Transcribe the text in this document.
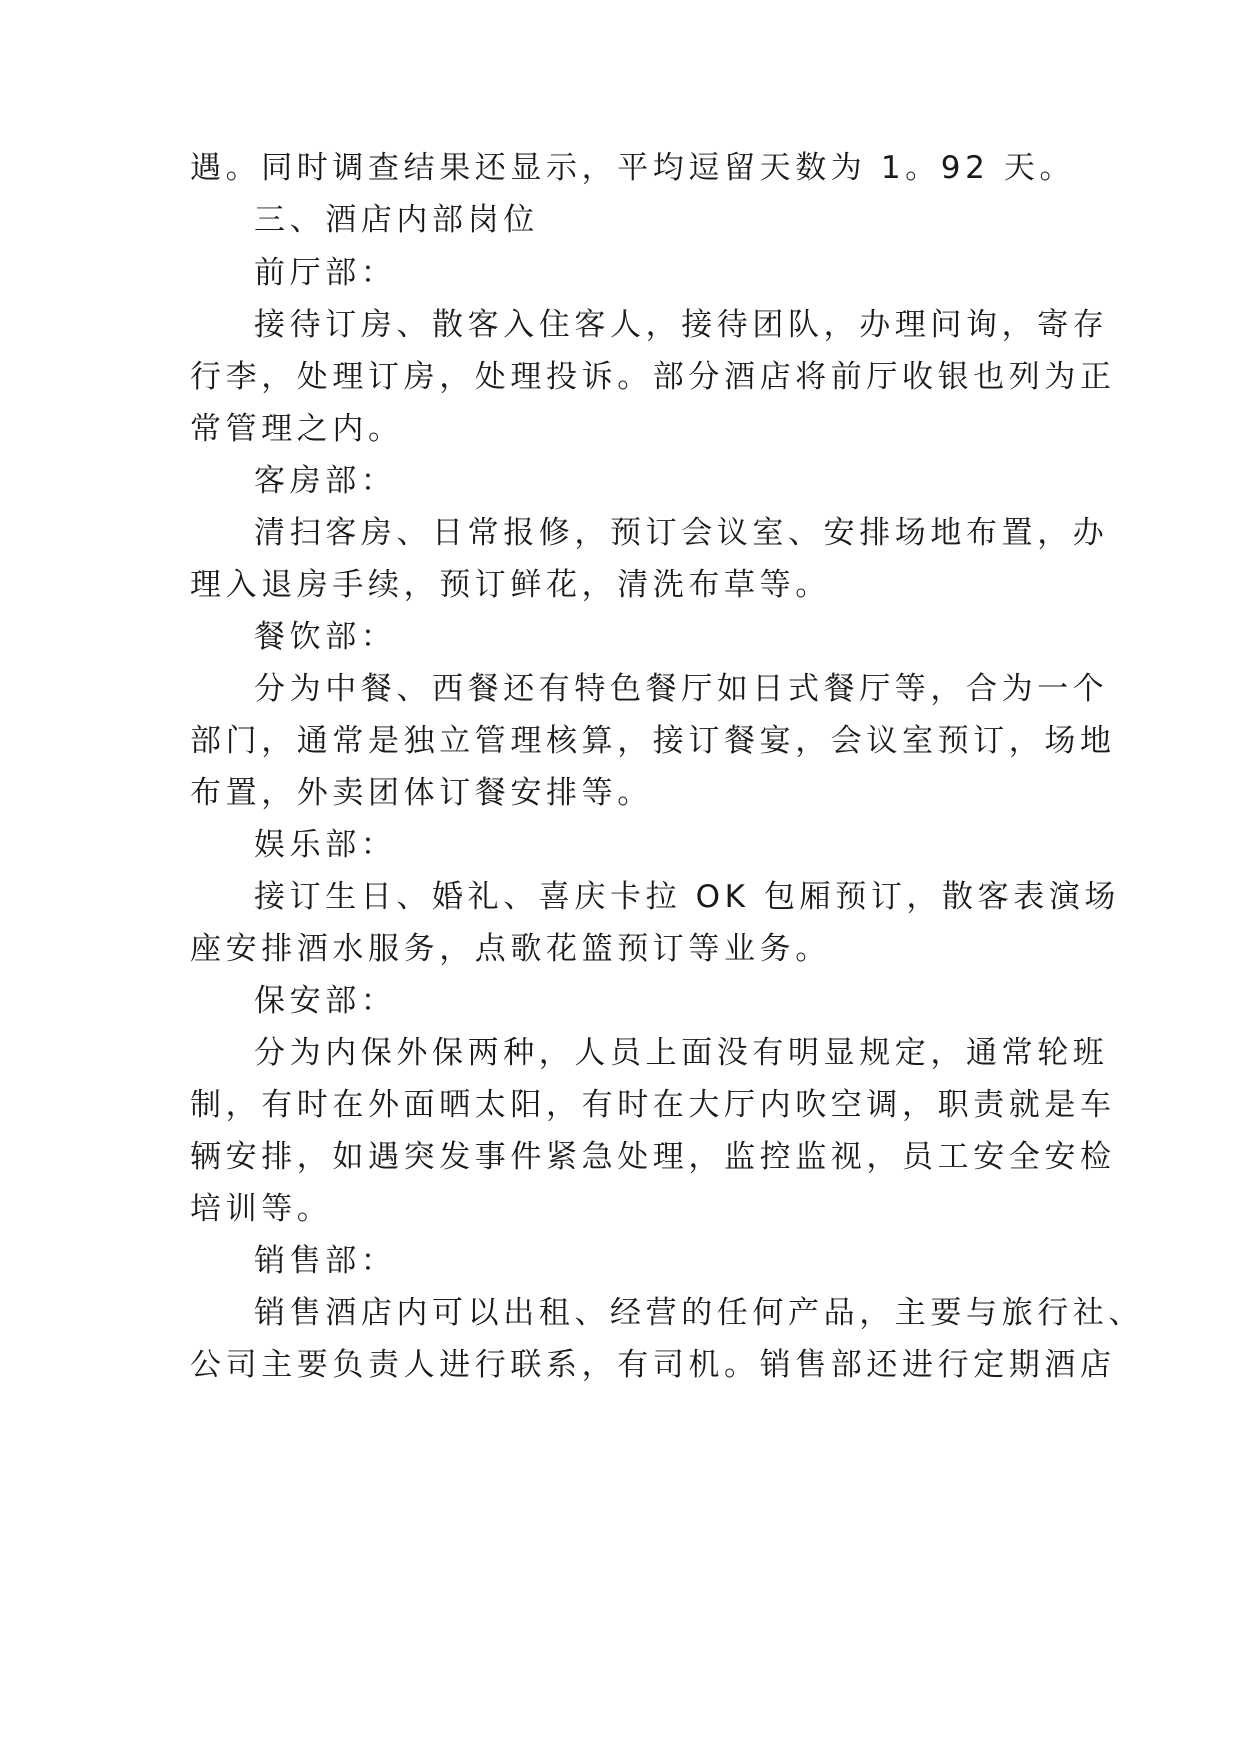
遇。同时调查结果还显示，平均逗留天数为 1。92 天。
三、酒店内部岗位
前厅部：
接待订房、散客入住客人，接待团队，办理问询，寄存
行李，处理订房，处理投诉。部分酒店将前厅收银也列为正
常管理之内。
客房部：
清扫客房、日常报修，预订会议室、安排场地布置，办
理入退房手续，预订鲜花，清洗布草等。
餐饮部：
分为中餐、西餐还有特色餐厅如日式餐厅等，合为一个
部门，通常是独立管理核算，接订餐宴，会议室预订，场地
布置，外卖团体订餐安排等。
娱乐部：
接订生日、婚礼、喜庆卡拉 OK 包厢预订，散客表演场
座安排酒水服务，点歌花篮预订等业务。
保安部：
分为内保外保两种，人员上面没有明显规定，通常轮班
制，有时在外面晒太阳，有时在大厅内吹空调，职责就是车
辆安排，如遇突发事件紧急处理，监控监视，员工安全安检
培训等。
销售部：
销售酒店内可以出租、经营的任何产品，主要与旅行社、
公司主要负责人进行联系，有司机。销售部还进行定期酒店
